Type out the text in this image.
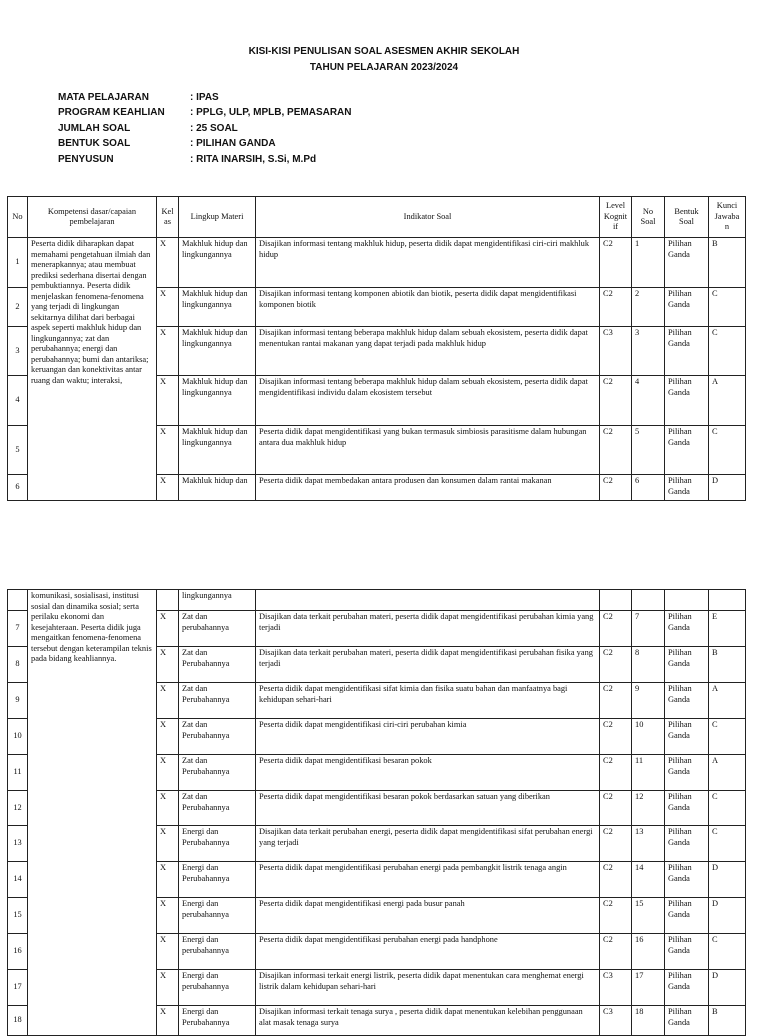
KISI-KISI PENULISAN SOAL ASESMEN AKHIR SEKOLAH
TAHUN PELAJARAN 2023/2024
MATA PELAJARAN	: IPAS
PROGRAM KEAHLIAN	: PPLG, ULP, MPLB, PEMASARAN
JUMLAH SOAL	: 25 SOAL
BENTUK SOAL	: PILIHAN GANDA
PENYUSUN	: RITA INARSIH, S.Si, M.Pd
No	Kompetensi dasar/capaian pembelajaran	Kel as	Lingkup Materi	Indikator Soal	Level Kognit if	No Soal	Bentuk Soal	Kunci Jawaba n
1	Peserta didik diharapkan dapat memahami pengetahuan ilmiah dan menerapkannya; atau membuat prediksi sederhana disertai dengan pembuktiannya. Peserta didik menjelaskan fenomena-fenomena yang terjadi di lingkungan sekitarnya dilihat dari berbagai aspek seperti makhluk hidup dan lingkungannya; zat dan perubahannya; energi dan perubahannya; bumi dan antariksa; keruangan dan konektivitas antar ruang dan waktu; interaksi,	X	Makhluk hidup dan lingkungannya	Disajikan informasi tentang makhluk hidup, peserta didik dapat mengidentifikasi ciri-ciri makhluk hidup	C2	1	Pilihan Ganda	B
2		X	Makhluk hidup dan lingkungannya	Disajikan informasi tentang komponen abiotik dan biotik, peserta didik dapat mengidentifikasi komponen biotik	C2	2	Pilihan Ganda	C
3		X	Makhluk hidup dan lingkungannya	Disajikan informasi tentang beberapa makhluk hidup dalam sebuah ekosistem, peserta didik dapat menentukan rantai makanan yang dapat terjadi pada makhluk hidup	C3	3	Pilihan Ganda	C
4		X	Makhluk hidup dan lingkungannya	Disajikan informasi tentang beberapa makhluk hidup dalam sebuah ekosistem, peserta didik dapat mengidentifikasi individu dalam ekosistem tersebut	C2	4	Pilihan Ganda	A
5		X	Makhluk hidup dan lingkungannya	Peserta didik dapat mengidentifikasi yang bukan termasuk simbiosis parasitisme dalam hubungan antara dua makhluk hidup	C2	5	Pilihan Ganda	C
6		X	Makhluk hidup dan	Peserta didik dapat membedakan antara produsen dan konsumen dalam rantai makanan	C2	6	Pilihan Ganda	D
	komunikasi, sosialisasi, institusi sosial dan dinamika sosial; serta perilaku ekonomi dan kesejahteraan. Peserta didik juga mengaitkan fenomena-fenomena tersebut dengan keterampilan teknis pada bidang keahliannya.		lingkungannya					
7		X	Zat dan perubahannya	Disajikan data terkait perubahan materi, peserta didik dapat mengidentifikasi perubahan kimia yang terjadi	C2	7	Pilihan Ganda	E
8		X	Zat dan Perubahannya	Disajikan data terkait perubahan materi, peserta didik dapat mengidentifikasi perubahan fisika yang terjadi	C2	8	Pilihan Ganda	B
9		X	Zat dan Perubahannya	Peserta didik dapat mengidentifikasi sifat kimia dan fisika suatu bahan dan manfaatnya bagi kehidupan sehari-hari	C2	9	Pilihan Ganda	A
10		X	Zat dan Perubahannya	Peserta didik dapat mengidentifikasi ciri-ciri perubahan kimia	C2	10	Pilihan Ganda	C
11		X	Zat dan Perubahannya	Peserta didik dapat mengidentifikasi besaran pokok	C2	11	Pilihan Ganda	A
12		X	Zat dan Perubahannya	Peserta didik dapat mengidentifikasi besaran pokok berdasarkan satuan yang diberikan	C2	12	Pilihan Ganda	C
13		X	Energi dan Perubahannya	Disajikan data terkait perubahan energi, peserta didik dapat mengidentifikasi sifat perubahan energi yang terjadi	C2	13	Pilihan Ganda	C
14		X	Energi dan Perubahannya	Peserta didik dapat mengidentifikasi perubahan energi pada pembangkit listrik tenaga angin	C2	14	Pilihan Ganda	D
15		X	Energi dan perubahannya	Peserta didik dapat mengidentifikasi energi pada busur panah	C2	15	Pilihan Ganda	D
16		X	Energi dan perubahannya	Peserta didik dapat mengidentifikasi perubahan energi pada handphone	C2	16	Pilihan Ganda	C
17		X	Energi dan perubahannya	Disajikan informasi terkait energi listrik, peserta didik dapat menentukan cara menghemat energi listrik dalam kehidupan sehari-hari	C3	17	Pilihan Ganda	D
18		X	Energi dan Perubahannya	Disajikan informasi terkait tenaga surya , peserta didik dapat menentukan kelebihan penggunaan alat masak tenaga surya	C3	18	Pilihan Ganda	B
